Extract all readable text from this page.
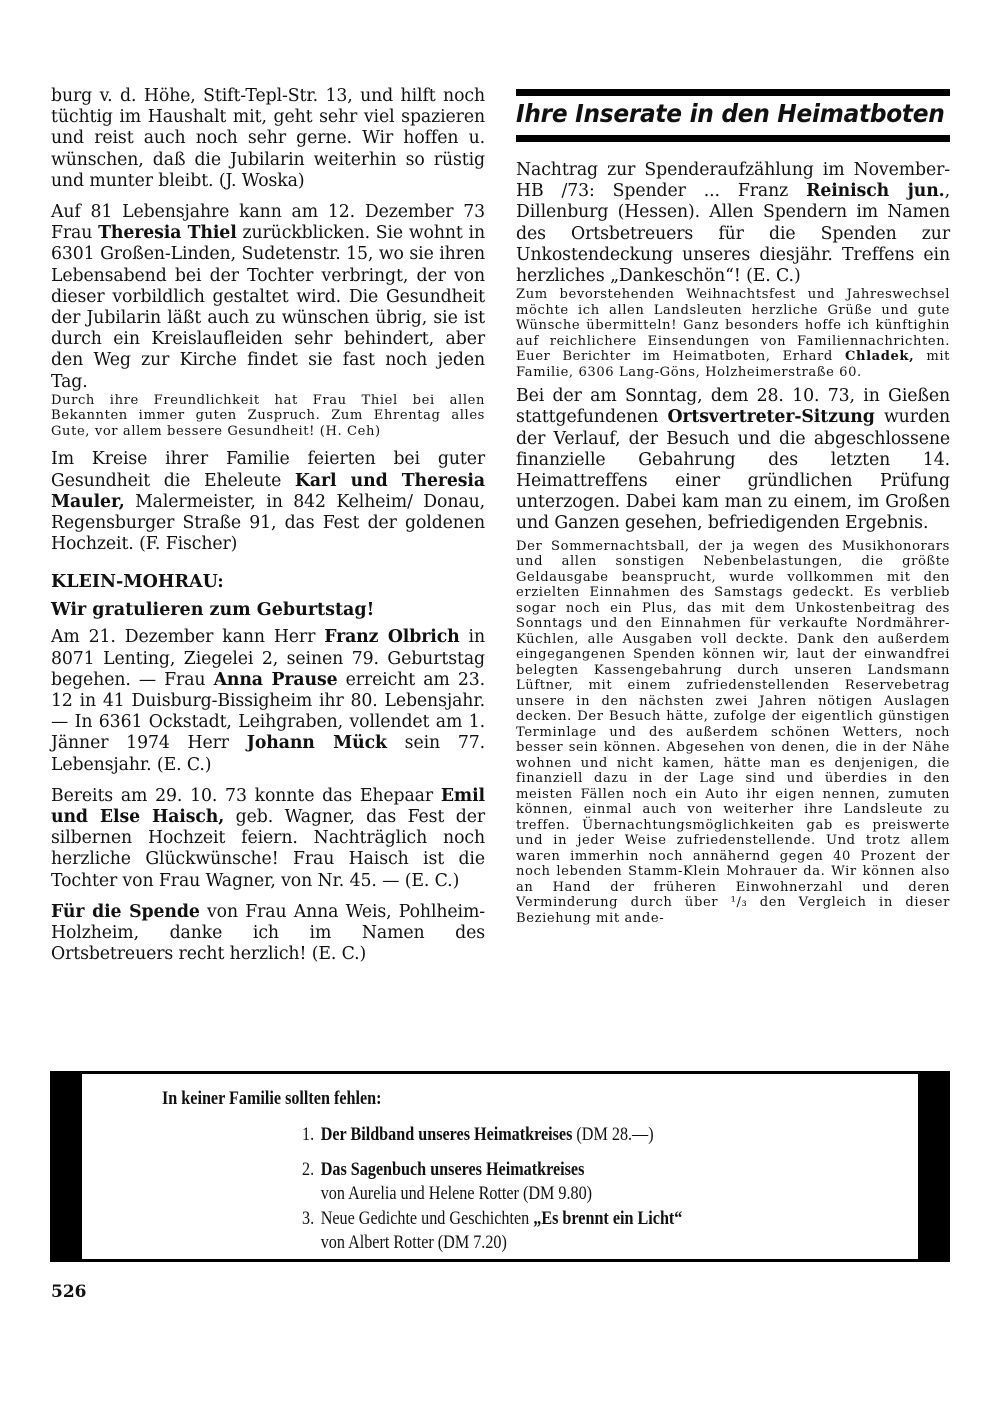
burg v. d. Höhe, Stift-Tepl-Str. 13, und hilft noch tüchtig im Haushalt mit, geht sehr viel spazieren und reist auch noch sehr gerne. Wir hoffen u. wünschen, daß die Jubilarin weiterhin so rüstig und munter bleibt. (J. Woska)

Auf 81 Lebensjahre kann am 12. Dezember 73 Frau Theresia Thiel zurückblicken. Sie wohnt in 6301 Großen-Linden, Sudetenstr. 15, wo sie ihren Lebensabend bei der Tochter verbringt, der von dieser vorbildlich gestaltet wird. Die Gesundheit der Jubilarin läßt auch zu wünschen übrig, sie ist durch ein Kreislaufleiden sehr behindert, aber den Weg zur Kirche findet sie fast noch jeden Tag.

Durch ihre Freundlichkeit hat Frau Thiel bei allen Bekannten immer guten Zuspruch. Zum Ehrentag alles Gute, vor allem bessere Gesundheit! (H. Ceh)

Im Kreise ihrer Familie feierten bei guter Gesundheit die Eheleute Karl und Theresia Mauler, Malermeister, in 842 Kelheim/ Donau, Regensburger Straße 91, das Fest der goldenen Hochzeit. (F. Fischer)

KLEIN-MOHRAU:
Wir gratulieren zum Geburtstag!

Am 21. Dezember kann Herr Franz Olbrich in 8071 Lenting, Ziegelei 2, seinen 79. Geburtstag begehen. — Frau Anna Prause erreicht am 23. 12 in 41 Duisburg-Bissigheim ihr 80. Lebensjahr. — In 6361 Ockstadt, Leihgraben, vollendet am 1. Jänner 1974 Herr Johann Mück sein 77. Lebensjahr. (E. C.)

Bereits am 29. 10. 73 konnte das Ehepaar Emil und Else Haisch, geb. Wagner, das Fest der silbernen Hochzeit feiern. Nachträglich noch herzliche Glückwünsche! Frau Haisch ist die Tochter von Frau Wagner, von Nr. 45. — (E. C.)

Für die Spende von Frau Anna Weis, Pohlheim-Holzheim, danke ich im Namen des Ortsbetreuers recht herzlich! (E. C.)

Ihre Inserate in den Heimatboten

Nachtrag zur Spenderaufzählung im November-HB /73: Spender ... Franz Reinisch jun., Dillenburg (Hessen). Allen Spendern im Namen des Ortsbetreuers für die Spenden zur Unkostendeckung unseres diesjähr. Treffens ein herzliches „Dankeschön“! (E. C.)

Zum bevorstehenden Weihnachtsfest und Jahreswechsel möchte ich allen Landsleuten herzliche Grüße und gute Wünsche übermitteln! Ganz besonders hoffe ich künftighin auf reichlichere Einsendungen von Familiennachrichten. Euer Berichter im Heimatboten, Erhard Chladek, mit Familie, 6306 Lang-Göns, Holzheimerstraße 60.

Bei der am Sonntag, dem 28. 10. 73, in Gießen stattgefundenen Ortsvertreter-Sitzung wurden der Verlauf, der Besuch und die abgeschlossene finanzielle Gebahrung des letzten 14. Heimattreffens einer gründlichen Prüfung unterzogen. Dabei kam man zu einem, im Großen und Ganzen gesehen, befriedigenden Ergebnis.

Der Sommernachtsball, der ja wegen des Musikhonorars und allen sonstigen Nebenbelastungen, die größte Geldausgabe beansprucht, wurde vollkommen mit den erzielten Einnahmen des Samstags gedeckt. Es verblieb sogar noch ein Plus, das mit dem Unkostenbeitrag des Sonntags und den Einnahmen für verkaufte Nordmährer-Küchlen, alle Ausgaben voll deckte. Dank den außerdem eingegangenen Spenden können wir, laut der einwandfrei belegten Kassengebahrung durch unseren Landsmann Lüftner, mit einem zufriedenstellenden Reservebetrag unsere in den nächsten zwei Jahren nötigen Auslagen decken. Der Besuch hätte, zufolge der eigentlich günstigen Terminlage und des außerdem schönen Wetters, noch besser sein können. Abgesehen von denen, die in der Nähe wohnen und nicht kamen, hätte man es denjenigen, die finanziell dazu in der Lage sind und überdies in den meisten Fällen noch ein Auto ihr eigen nennen, zumuten können, einmal auch von weiterher ihre Landsleute zu treffen. Übernachtungsmöglichkeiten gab es preiswerte und in jeder Weise zufriedenstellende. Und trotz allem waren immerhin noch annähernd gegen 40 Prozent der noch lebenden Stamm-Klein Mohrauer da. Wir können also an Hand der früheren Einwohnerzahl und deren Verminderung durch über ¹/₃ den Vergleich in dieser Beziehung mit ande-

In keiner Familie sollten fehlen:
1. Der Bildband unseres Heimatkreises (DM 28.—)
2. Das Sagenbuch unseres Heimatkreises
von Aurelia und Helene Rotter (DM 9.80)
3. Neue Gedichte und Geschichten „Es brennt ein Licht“
von Albert Rotter (DM 7.20)
526
